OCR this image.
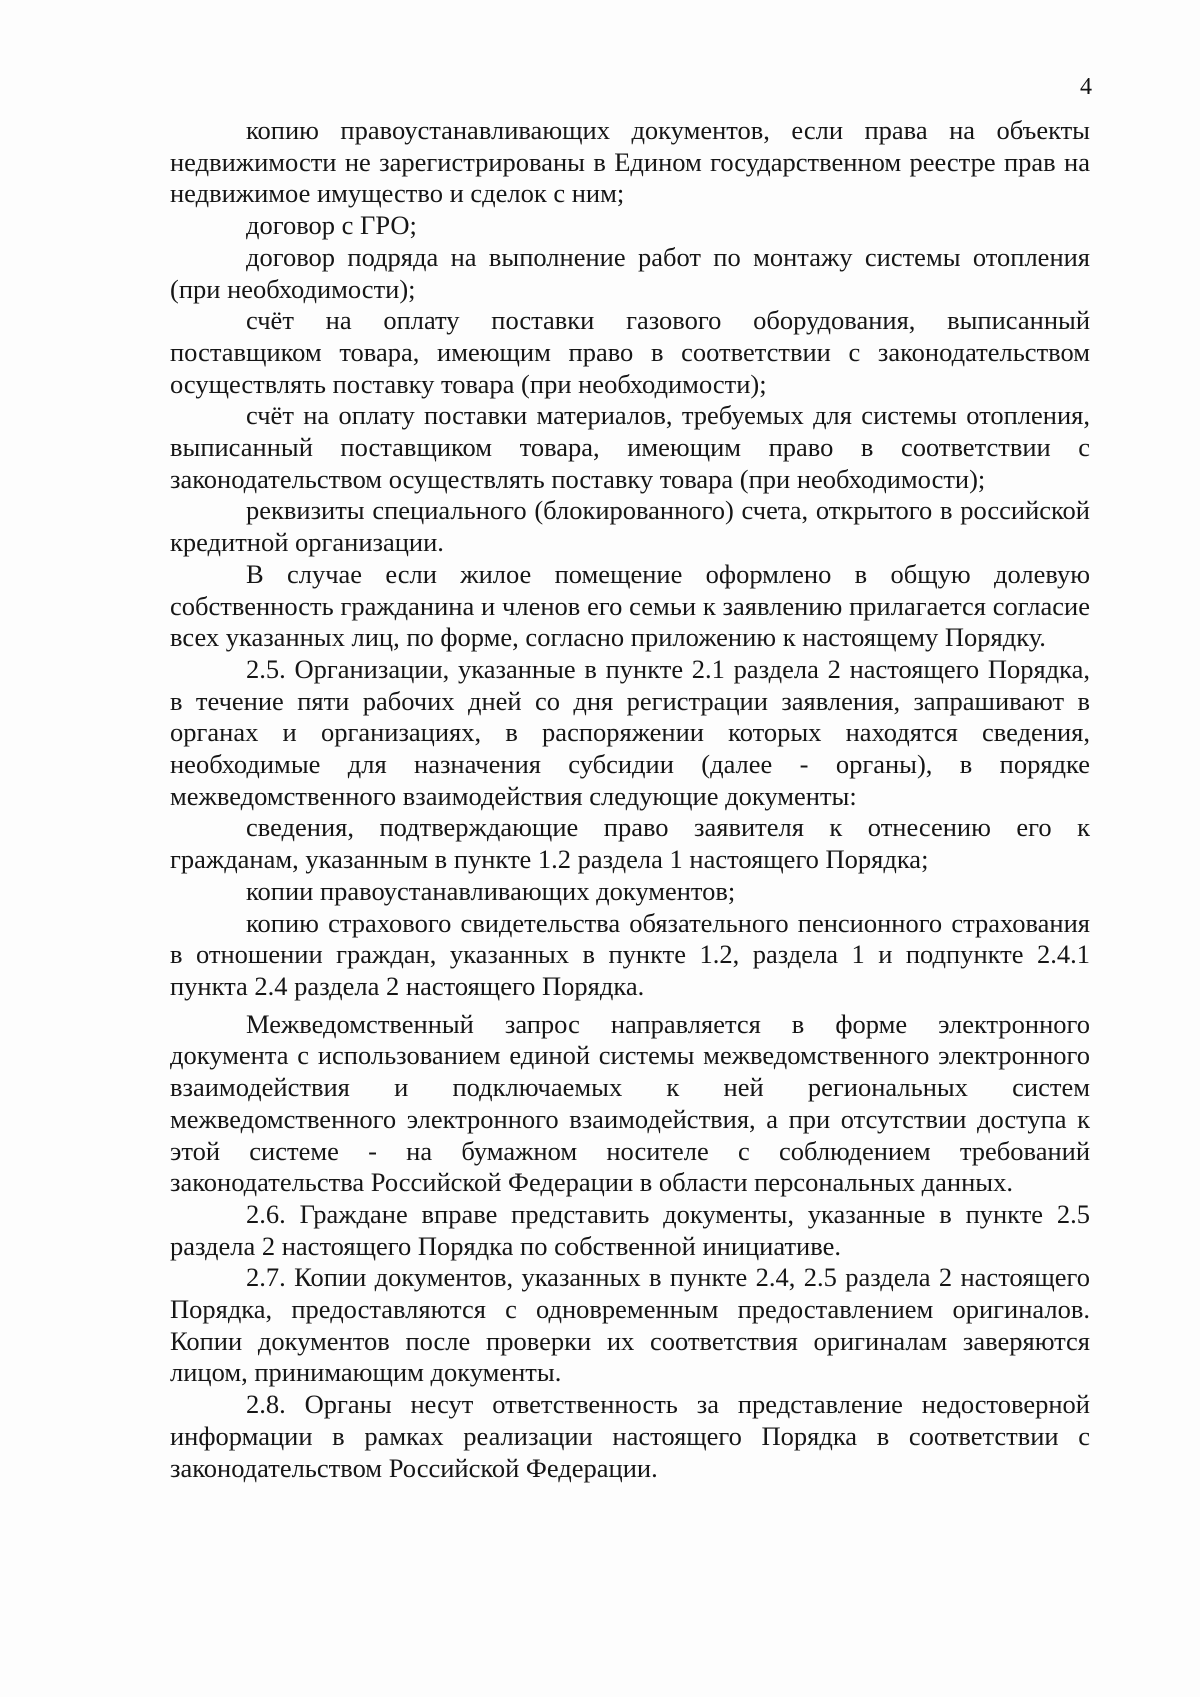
4

копию правоустанавливающих документов, если права на объекты недвижимости не зарегистрированы в Едином государственном реестре прав на недвижимое имущество и сделок с ним;

договор с ГРО;

договор подряда на выполнение работ по монтажу системы отопления (при необходимости);

счёт на оплату поставки газового оборудования, выписанный поставщиком товара, имеющим право в соответствии с законодательством осуществлять поставку товара (при необходимости);

счёт на оплату поставки материалов, требуемых для системы отопления, выписанный поставщиком товара, имеющим право в соответствии с законодательством осуществлять поставку товара (при необходимости);

реквизиты специального (блокированного) счета, открытого в российской кредитной организации.

В случае если жилое помещение оформлено в общую долевую собственность гражданина и членов его семьи к заявлению прилагается согласие всех указанных лиц, по форме, согласно приложению к настоящему Порядку.

2.5. Организации, указанные в пункте 2.1 раздела 2 настоящего Порядка, в течение пяти рабочих дней со дня регистрации заявления, запрашивают в органах и организациях, в распоряжении которых находятся сведения, необходимые для назначения субсидии (далее - органы), в порядке межведомственного взаимодействия следующие документы:

сведения, подтверждающие право заявителя к отнесению его к гражданам, указанным в пункте 1.2 раздела 1 настоящего Порядка;

копии правоустанавливающих документов;

копию страхового свидетельства обязательного пенсионного страхования в отношении граждан, указанных в пункте 1.2, раздела 1 и подпункте 2.4.1 пункта 2.4 раздела 2 настоящего Порядка.

Межведомственный запрос направляется в форме электронного документа с использованием единой системы межведомственного электронного взаимодействия и подключаемых к ней региональных систем межведомственного электронного взаимодействия, а при отсутствии доступа к этой системе - на бумажном носителе с соблюдением требований законодательства Российской Федерации в области персональных данных.

2.6. Граждане вправе представить документы, указанные в пункте 2.5 раздела 2 настоящего Порядка по собственной инициативе.

2.7. Копии документов, указанных в пункте 2.4, 2.5 раздела 2 настоящего Порядка, предоставляются с одновременным предоставлением оригиналов. Копии документов после проверки их соответствия оригиналам заверяются лицом, принимающим документы.

2.8. Органы несут ответственность за представление недостоверной информации в рамках реализации настоящего Порядка в соответствии с законодательством Российской Федерации.
